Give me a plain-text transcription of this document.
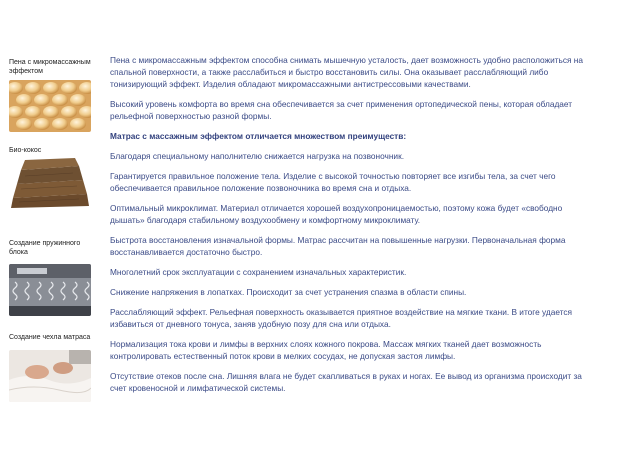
Пена с микромассажным эффектом
Био-кокос
Создание пружинного блока
Создание чехла матраса

Пена с микромассажным эффектом способна снимать мышечную усталость, дает возможность удобно расположиться на спальной поверхности, а также расслабиться и быстро восстановить силы. Она оказывает расслабляющий либо тонизирующий эффект. Изделия обладают микромассажными антистрессовыми качествами.

Высокий уровень комфорта во время сна обеспечивается за счет применения ортопедической пены, которая обладает рельефной поверхностью разной формы.

Матрас с массажным эффектом отличается множеством преимуществ:

Благодаря специальному наполнителю снижается нагрузка на позвоночник.

Гарантируется правильное положение тела. Изделие с высокой точностью повторяет все изгибы тела, за счет чего обеспечивается правильное положение позвоночника во время сна и отдыха.

Оптимальный микроклимат. Материал отличается хорошей воздухопроницаемостью, поэтому кожа будет «свободно дышать» благодаря стабильному воздухообмену и комфортному микроклимату.

Быстрота восстановления изначальной формы. Матрас рассчитан на повышенные нагрузки. Первоначальная форма восстанавливается достаточно быстро.

Многолетний срок эксплуатации с сохранением изначальных характеристик.

Снижение напряжения в лопатках. Происходит за счет устранения спазма в области спины.

Расслабляющий эффект. Рельефная поверхность оказывается приятное воздействие на мягкие ткани. В итоге удается избавиться от дневного тонуса, заняв удобную позу для сна или отдыха.

Нормализация тока крови и лимфы в верхних слоях кожного покрова. Массаж мягких тканей дает возможность контролировать естественный поток крови в мелких сосудах, не допуская застоя лимфы.

Отсутствие отеков после сна. Лишняя влага не будет скапливаться в руках и ногах. Ее вывод из организма происходит за счет кровеносной и лимфатической системы.
